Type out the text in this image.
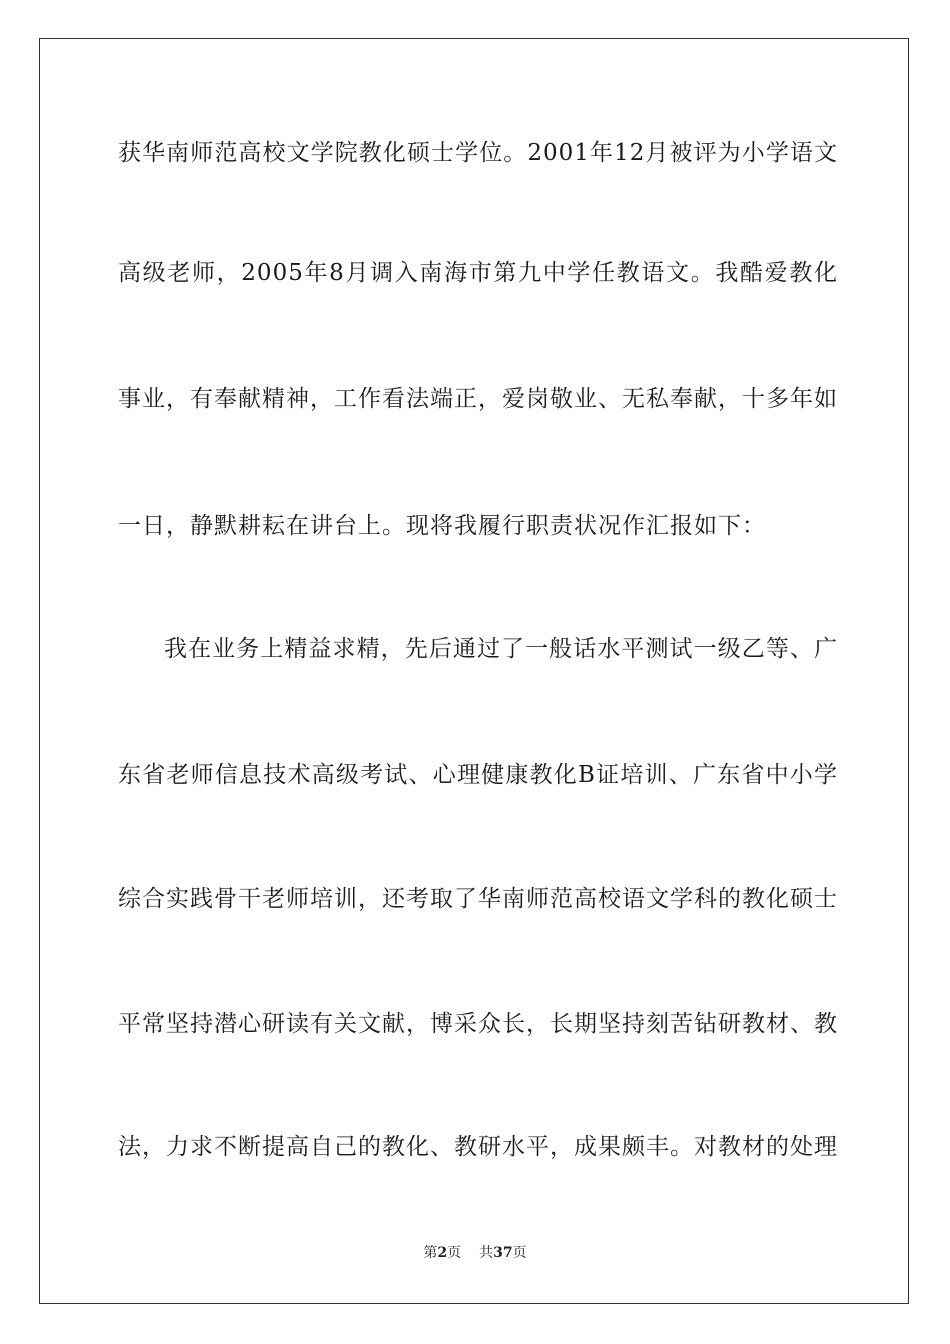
获华南师范高校文学院教化硕士学位。2001年12月被评为小学语文
高级老师，2005年8月调入南海市第九中学任教语文。我酷爱教化
事业，有奉献精神，工作看法端正，爱岗敬业、无私奉献，十多年如
一日，静默耕耘在讲台上。现将我履行职责状况作汇报如下：
我在业务上精益求精，先后通过了一般话水平测试一级乙等、广
东省老师信息技术高级考试、心理健康教化B证培训、广东省中小学
综合实践骨干老师培训，还考取了华南师范高校语文学科的教化硕士
平常坚持潜心研读有关文献，博采众长，长期坚持刻苦钻研教材、教
法，力求不断提高自己的教化、教研水平，成果颇丰。对教材的处理
第2页 共37页
